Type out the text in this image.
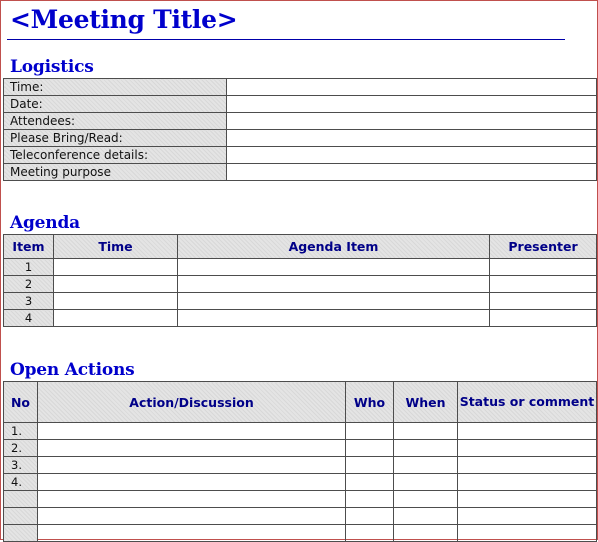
<Meeting Title>
Logistics
Time:	
Date:	
Attendees:	
Please Bring/Read:	
Teleconference details:	
Meeting purpose	
Agenda
Item	Time	Agenda Item	Presenter
1			
2			
3			
4			
Open Actions
No	Action/Discussion	Who	When	Status or comment
1.				
2.				
3.				
4.				
